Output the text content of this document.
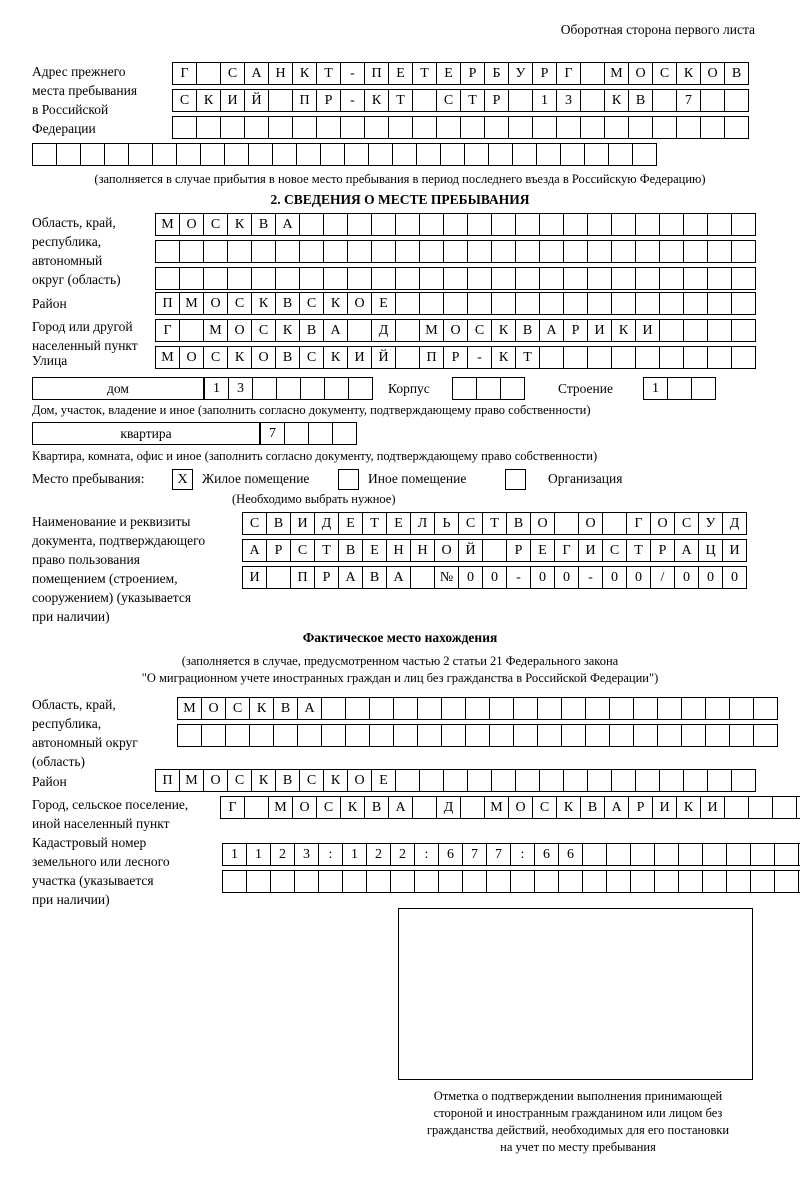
Оборотная сторона первого листа
Адрес прежнего
места пребывания
в Российской
Федерации
Г	С	А Н	К	Т	-	П	Е	Т	Е	Р	Б	У	Р	Г	М О	С	К	О	В
С	К	И Й	П	Р	-	К	Т	С	Т	Р	1	3	К	В	7
(заполняется в случае прибытия в новое место пребывания в период последнего въезда в Российскую Федерацию)
2. СВЕДЕНИЯ О МЕСТЕ ПРЕБЫВАНИЯ
Область, край,
республика,
автономный
округ (область)
М О	С	К	В	А
Район	П М О	С	К	В	С	К	О	Е
Город или другой
населенный пункт
Г	М О	С	К	В	А	Д	М О	С	К	В	А	Р	И	К	И
Улица	М О	С	К	О	В	С	К	И Й	П	Р	-	К	Т
дом	1	3	Корпус	Строение	1
Дом, участок, владение и иное (заполнить согласно документу, подтверждающему право собственности)
квартира	7
Квартира, комната, офис и иное (заполнить согласно документу, подтверждающему право собственности)
Место пребывания:	X	Жилое помещение	Иное помещение	Организация
(Необходимо выбрать нужное)
Наименование и реквизиты
документа, подтверждающего
право пользования
помещением (строением,
сооружением) (указывается
при наличии)
С	В	И	Д	Е	Т	Е	Л	Ь	С	Т	В	О	О	Г	О	С	У	Д
А	Р	С	Т	В	Е	Н Н О Й	Р	Е	Г	И	С	Т	Р	А Ц И
И	П	Р	А	В	А	№ 0	0	-	0	0	-	0	0	/	0	0	0
Фактическое место нахождения
(заполняется в случае, предусмотренном частью 2 статьи 21 Федерального закона
"О миграционном учете иностранных граждан и лиц без гражданства в Российской Федерации")
Область, край,
республика,
автономный округ
(область)
М О	С	К	В	А
Район	П М О	С	К	В	С	К	О	Е
Город, сельское поселение,
иной населенный пункт
Г	М О	С	К	В	А	Д	М О	С	К	В	А	Р	И	К	И
Кадастровый номер
земельного или лесного
участка (указывается
при наличии)
1	1	2	3	:	1	2	2	:	6	7	7	:	6	6
Отметка о подтверждении выполнения принимающей
стороной и иностранным гражданином или лицом без
гражданства действий, необходимых для его постановки
на учет по месту пребывания
